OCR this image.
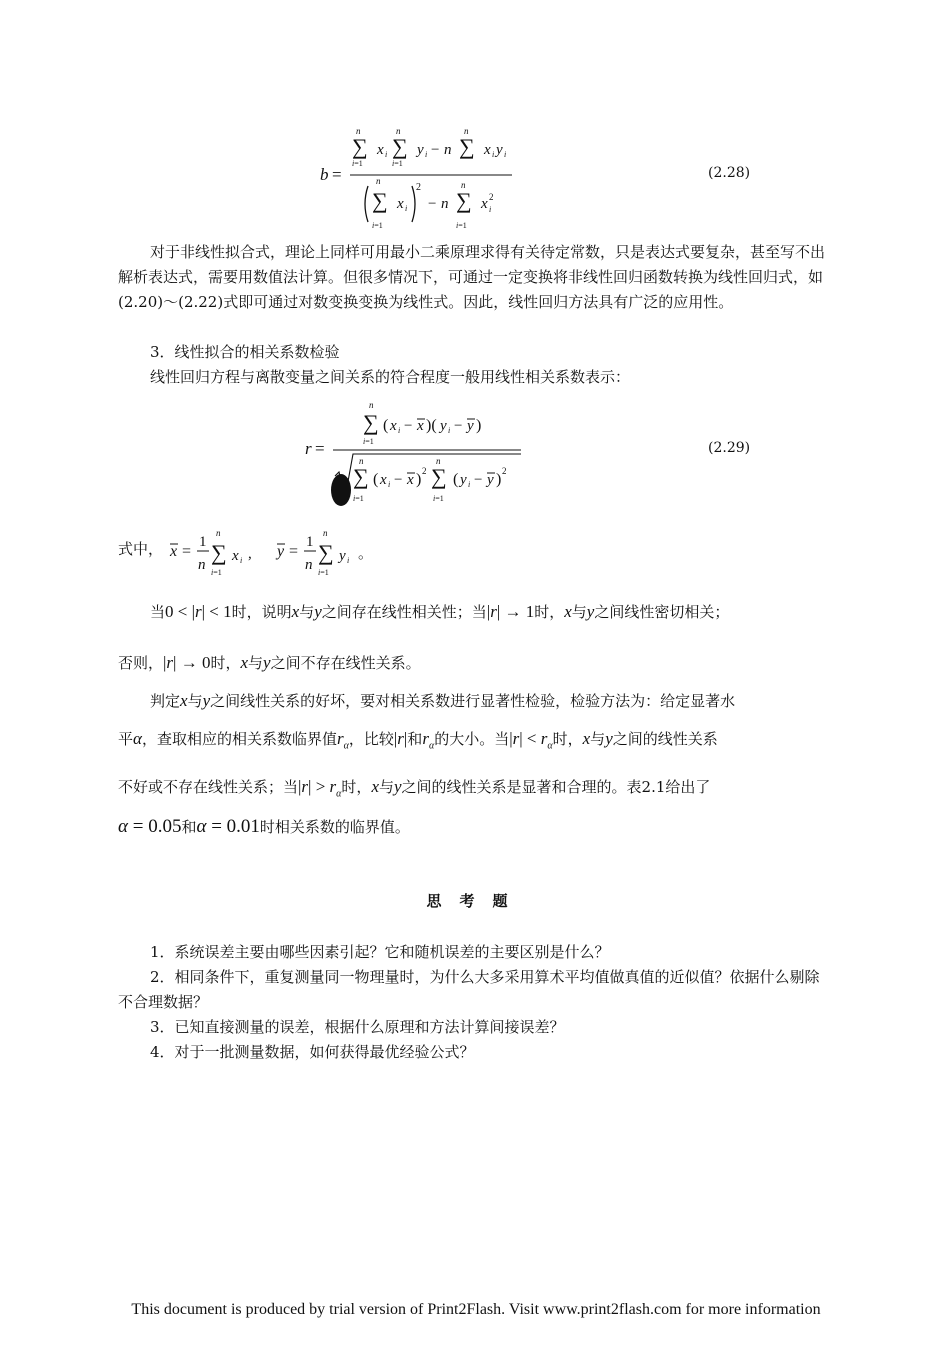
b =
n
∑ x i
i=1
n
∑ y i
i=1
− n
n
∑ x i y i
n
∑ x i
2
− n
n
∑ x 2
i
i=1	i=1
(2.28)
对于非线性拟合式，理论上同样可用最小二乘原理求得有关待定常数，只是表达式要复杂，甚至写不出解析表达式，需要用数值法计算。但很多情况下，可通过一定变换将非线性回归函数转换为线性回归式，如(2.20)～(2.22)式即可通过对数变换变换为线性式。因此，线性回归方法具有广泛的应用性。
3．线性拟合的相关系数检验
线性回归方程与离散变量之间关系的符合程度一般用线性相关系数表示：
r =
n
∑
i=1
( x i − x )( y i − y )
n
∑
i=1
( x i − x ) 2
n
∑
i=1
( y i − y ) 2
(2.29)
式中， x =
1
n
n
∑
i=1
x i , y =
1
n
n
∑
i=1
y i 。
当0 < |r| < 1时，说明x与y之间存在线性相关性；当|r| → 1时，x与y之间线性密切相关；
否则，|r| → 0时，x与y之间不存在线性关系。
判定x与y之间线性关系的好坏，要对相关系数进行显著性检验，检验方法为：给定显著水
平α，查取相应的相关系数临界值$r_\alpha$，比较|r|和$r_\alpha$的大小。当$|r| < r_\alpha$时，x与y之间的线性关系
不好或不存在线性关系；当$|r| > r_\alpha$时，x与y之间的线性关系是显著和合理的。表2.1给出了
α = 0.05和α = 0.01时相关系数的临界值。
思考题
1．系统误差主要由哪些因素引起？它和随机误差的主要区别是什么？
2．相同条件下，重复测量同一物理量时，为什么大多采用算术平均值做真值的近似值？依据什么剔除不合理数据？
3．已知直接测量的误差，根据什么原理和方法计算间接误差？
4．对于一批测量数据，如何获得最优经验公式？
This document is produced by trial version of Print2Flash. Visit www.print2flash.com for more information
